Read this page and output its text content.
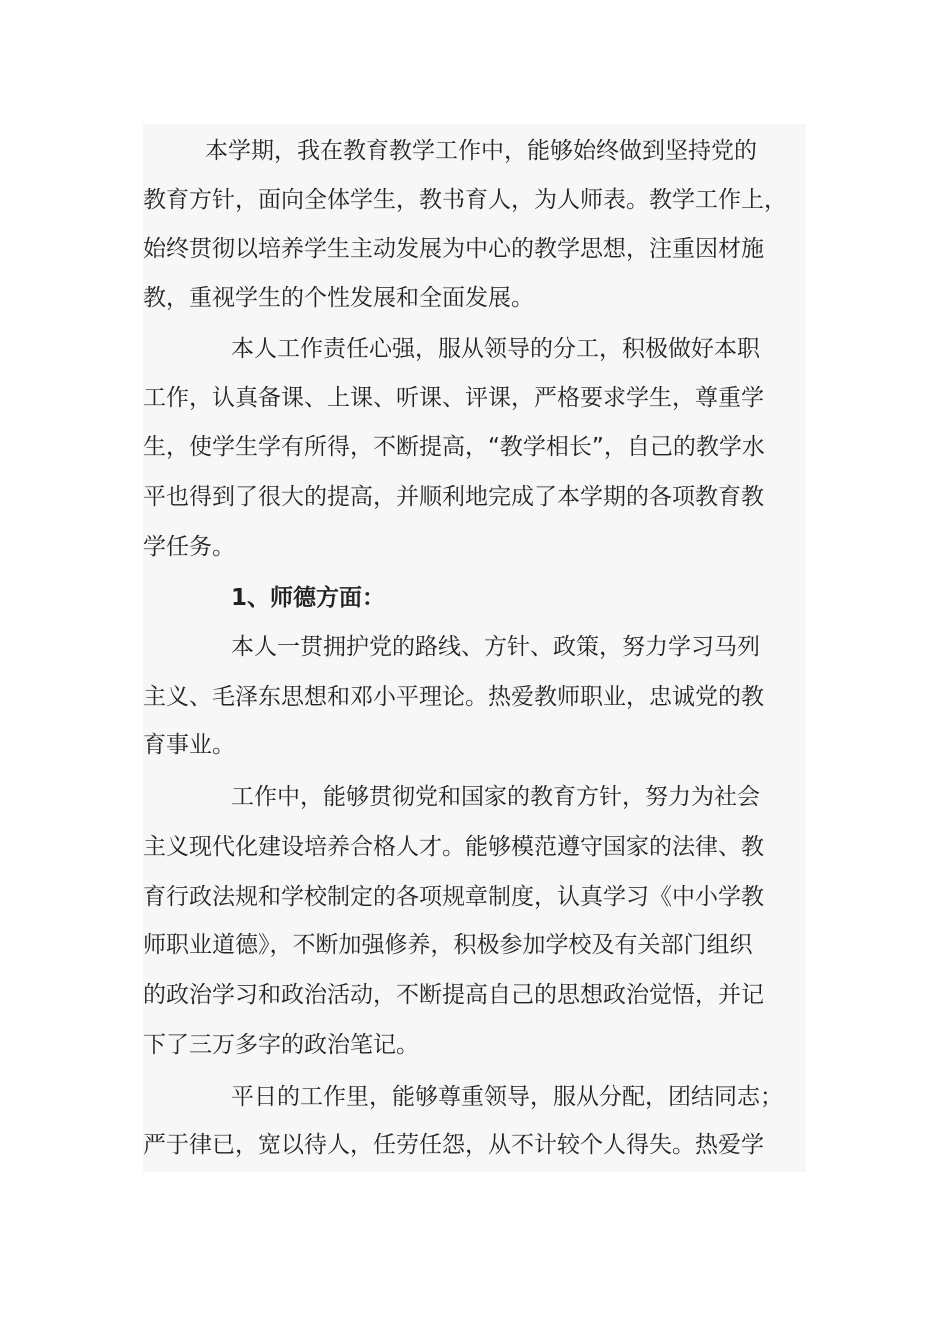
本学期，我在教育教学工作中，能够始终做到坚持党的
教育方针，面向全体学生，教书育人，为人师表。教学工作上，
始终贯彻以培养学生主动发展为中心的教学思想，注重因材施
教，重视学生的个性发展和全面发展。
本人工作责任心强，服从领导的分工，积极做好本职
工作，认真备课、上课、听课、评课，严格要求学生，尊重学
生，使学生学有所得，不断提高，“教学相长”，自己的教学水
平也得到了很大的提高，并顺利地完成了本学期的各项教育教
学任务。
1、师德方面：
本人一贯拥护党的路线、方针、政策，努力学习马列
主义、毛泽东思想和邓小平理论。热爱教师职业，忠诚党的教
育事业。
工作中，能够贯彻党和国家的教育方针，努力为社会
主义现代化建设培养合格人才。能够模范遵守国家的法律、教
育行政法规和学校制定的各项规章制度，认真学习《中小学教
师职业道德》，不断加强修养，积极参加学校及有关部门组织
的政治学习和政治活动，不断提高自己的思想政治觉悟，并记
下了三万多字的政治笔记。
平日的工作里，能够尊重领导，服从分配，团结同志；
严于律已，宽以待人，任劳任怨，从不计较个人得失。热爱学
